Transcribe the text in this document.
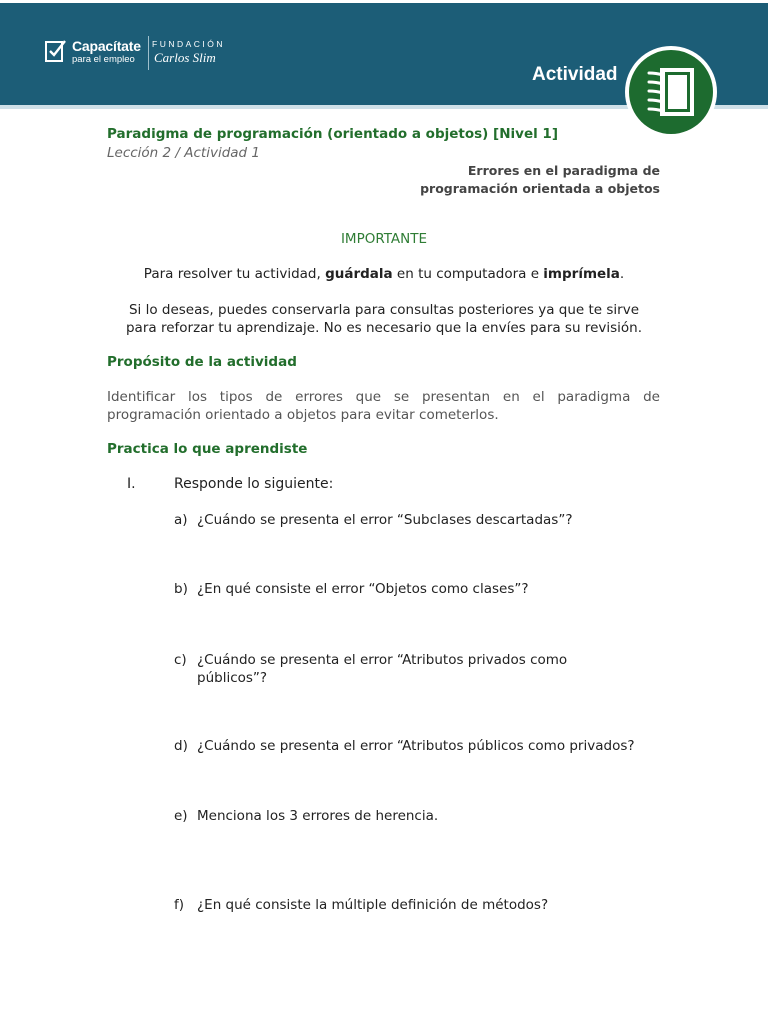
Capacítate
para el empleo
FUNDACIÓN
Carlos Slim
Actividad
Paradigma de programación (orientado a objetos) [Nivel 1]
Lección 2 / Actividad 1
Errores en el paradigma de
programación orientada a objetos
IMPORTANTE
Para resolver tu actividad, guárdala en tu computadora e imprímela.
Si lo deseas, puedes conservarla para consultas posteriores ya que te sirve
para reforzar tu aprendizaje. No es necesario que la envíes para su revisión.
Propósito de la actividad
Identificar los tipos de errores que se presentan en el paradigma de
programación orientado a objetos para evitar cometerlos.
Practica lo que aprendiste
I.	Responde lo siguiente:
a) ¿Cuándo se presenta el error “Subclases descartadas”?
b) ¿En qué consiste el error “Objetos como clases”?
c) ¿Cuándo se presenta el error “Atributos privados como
públicos”?
d) ¿Cuándo se presenta el error “Atributos públicos como privados?
e) Menciona los 3 errores de herencia.
f) ¿En qué consiste la múltiple definición de métodos?
